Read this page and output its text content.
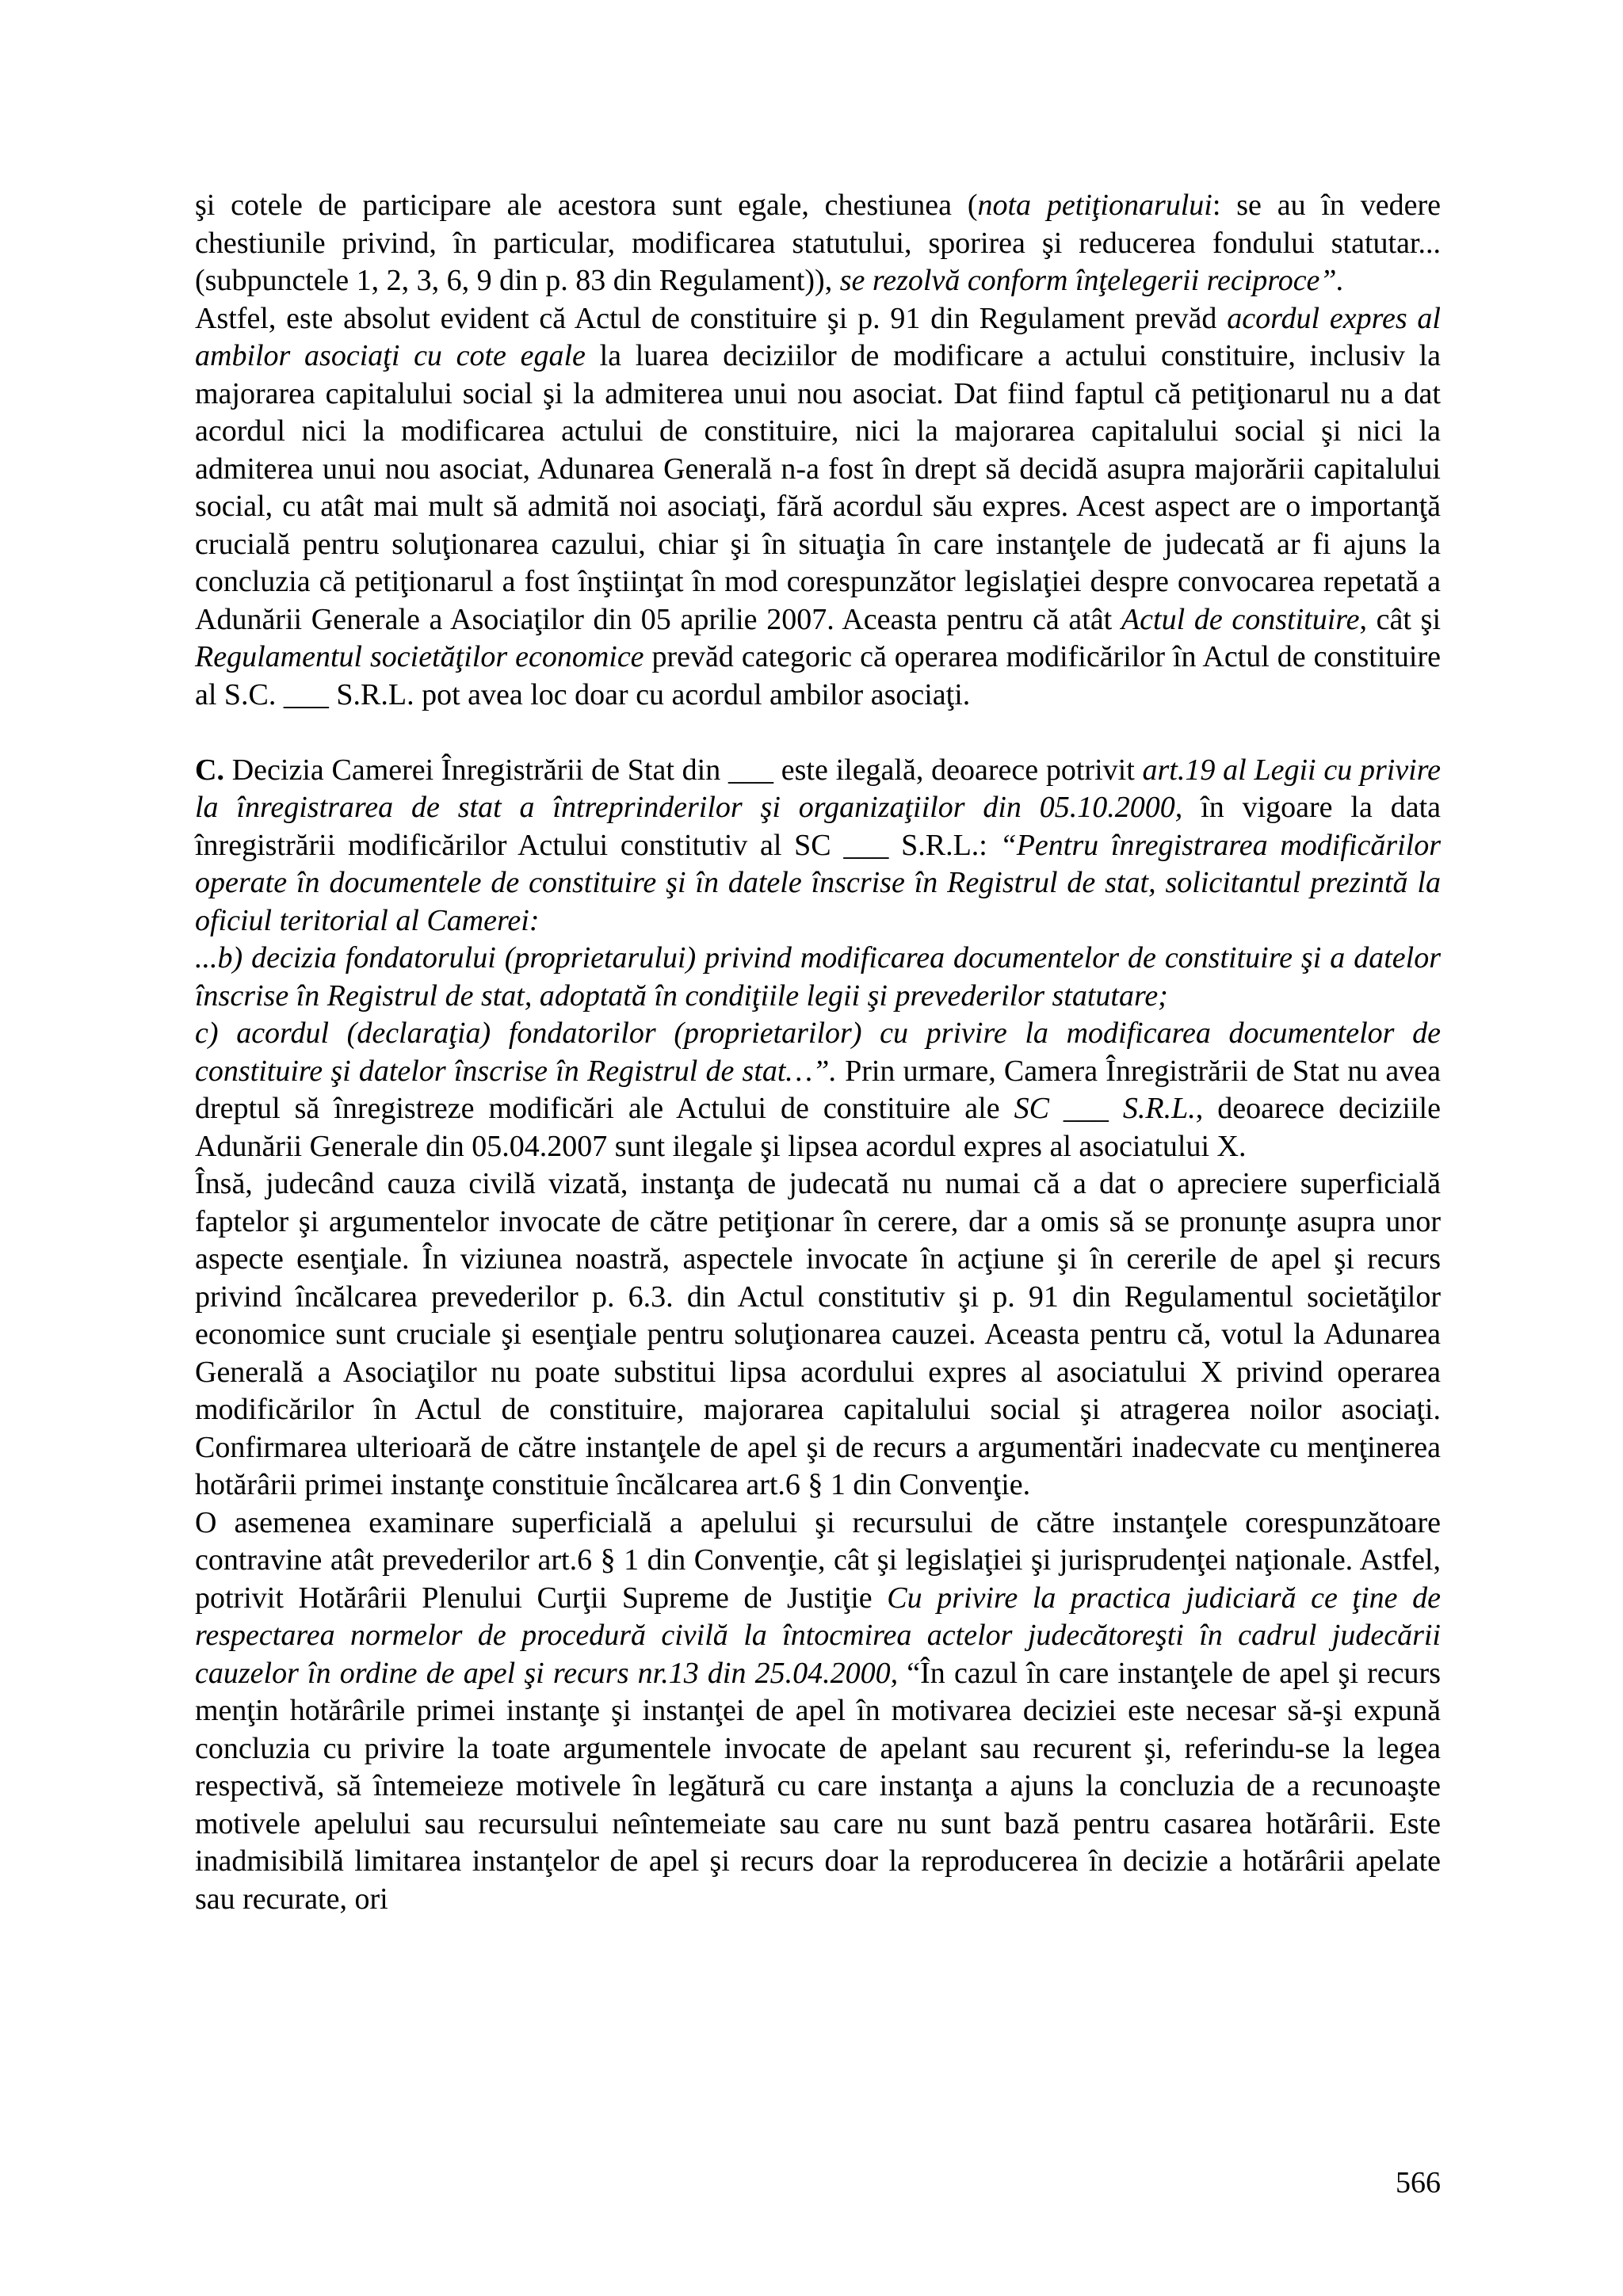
şi cotele de participare ale acestora sunt egale, chestiunea (nota petiţionarului: se au în vedere chestiunile privind, în particular, modificarea statutului, sporirea şi reducerea fondului statutar... (subpunctele 1, 2, 3, 6, 9 din p. 83 din Regulament)), se rezolvă conform înţelegerii reciproce”.

Astfel, este absolut evident că Actul de constituire şi p. 91 din Regulament prevăd acordul expres al ambilor asociaţi cu cote egale la luarea deciziilor de modificare a actului constituire, inclusiv la majorarea capitalului social şi la admiterea unui nou asociat. Dat fiind faptul că petiţionarul nu a dat acordul nici la modificarea actului de constituire, nici la majorarea capitalului social şi nici la admiterea unui nou asociat, Adunarea Generală n-a fost în drept să decidă asupra majorării capitalului social, cu atât mai mult să admită noi asociaţi, fără acordul său expres. Acest aspect are o importanţă crucială pentru soluţionarea cazului, chiar şi în situaţia în care instanţele de judecată ar fi ajuns la concluzia că petiţionarul a fost înştiinţat în mod corespunzător legislaţiei despre convocarea repetată a Adunării Generale a Asociaţilor din 05 aprilie 2007. Aceasta pentru că atât Actul de constituire, cât şi Regulamentul societăţilor economice prevăd categoric că operarea modificărilor în Actul de constituire al S.C. ___ S.R.L. pot avea loc doar cu acordul ambilor asociaţi.

C. Decizia Camerei Înregistrării de Stat din ___ este ilegală, deoarece potrivit art.19 al Legii cu privire la înregistrarea de stat a întreprinderilor şi organizaţiilor din 05.10.2000, în vigoare la data înregistrării modificărilor Actului constitutiv al SC ___ S.R.L.: “Pentru înregistrarea modificărilor operate în documentele de constituire şi în datele înscrise în Registrul de stat, solicitantul prezintă la oficiul teritorial al Camerei:

...b) decizia fondatorului (proprietarului) privind modificarea documentelor de constituire şi a datelor înscrise în Registrul de stat, adoptată în condiţiile legii şi prevederilor statutare;

c) acordul (declaraţia) fondatorilor (proprietarilor) cu privire la modificarea documentelor de constituire şi datelor înscrise în Registrul de stat…”. Prin urmare, Camera Înregistrării de Stat nu avea dreptul să înregistreze modificări ale Actului de constituire ale SC ___ S.R.L., deoarece deciziile Adunării Generale din 05.04.2007 sunt ilegale şi lipsea acordul expres al asociatului X.

Însă, judecând cauza civilă vizată, instanţa de judecată nu numai că a dat o apreciere superficială faptelor şi argumentelor invocate de către petiţionar în cerere, dar a omis să se pronunţe asupra unor aspecte esenţiale. În viziunea noastră, aspectele invocate în acţiune şi în cererile de apel şi recurs privind încălcarea prevederilor p. 6.3. din Actul constitutiv şi p. 91 din Regulamentul societăţilor economice sunt cruciale şi esenţiale pentru soluţionarea cauzei. Aceasta pentru că, votul la Adunarea Generală a Asociaţilor nu poate substitui lipsa acordului expres al asociatului X privind operarea modificărilor în Actul de constituire, majorarea capitalului social şi atragerea noilor asociaţi. Confirmarea ulterioară de către instanţele de apel şi de recurs a argumentări inadecvate cu menţinerea hotărârii primei instanţe constituie încălcarea art.6 § 1 din Convenţie.

O asemenea examinare superficială a apelului şi recursului de către instanţele corespunzătoare contravine atât prevederilor art.6 § 1 din Convenţie, cât şi legislaţiei şi jurisprudenţei naţionale. Astfel, potrivit Hotărârii Plenului Curţii Supreme de Justiţie Cu privire la practica judiciară ce ţine de respectarea normelor de procedură civilă la întocmirea actelor judecătoreşti în cadrul judecării cauzelor în ordine de apel şi recurs nr.13 din 25.04.2000, “În cazul în care instanţele de apel şi recurs menţin hotărârile primei instanţe şi instanţei de apel în motivarea deciziei este necesar să-şi expună concluzia cu privire la toate argumentele invocate de apelant sau recurent şi, referindu-se la legea respectivă, să întemeieze motivele în legătură cu care instanţa a ajuns la concluzia de a recunoaşte motivele apelului sau recursului neîntemeiate sau care nu sunt bază pentru casarea hotărârii. Este inadmisibilă limitarea instanţelor de apel şi recurs doar la reproducerea în decizie a hotărârii apelate sau recurate, ori

566
